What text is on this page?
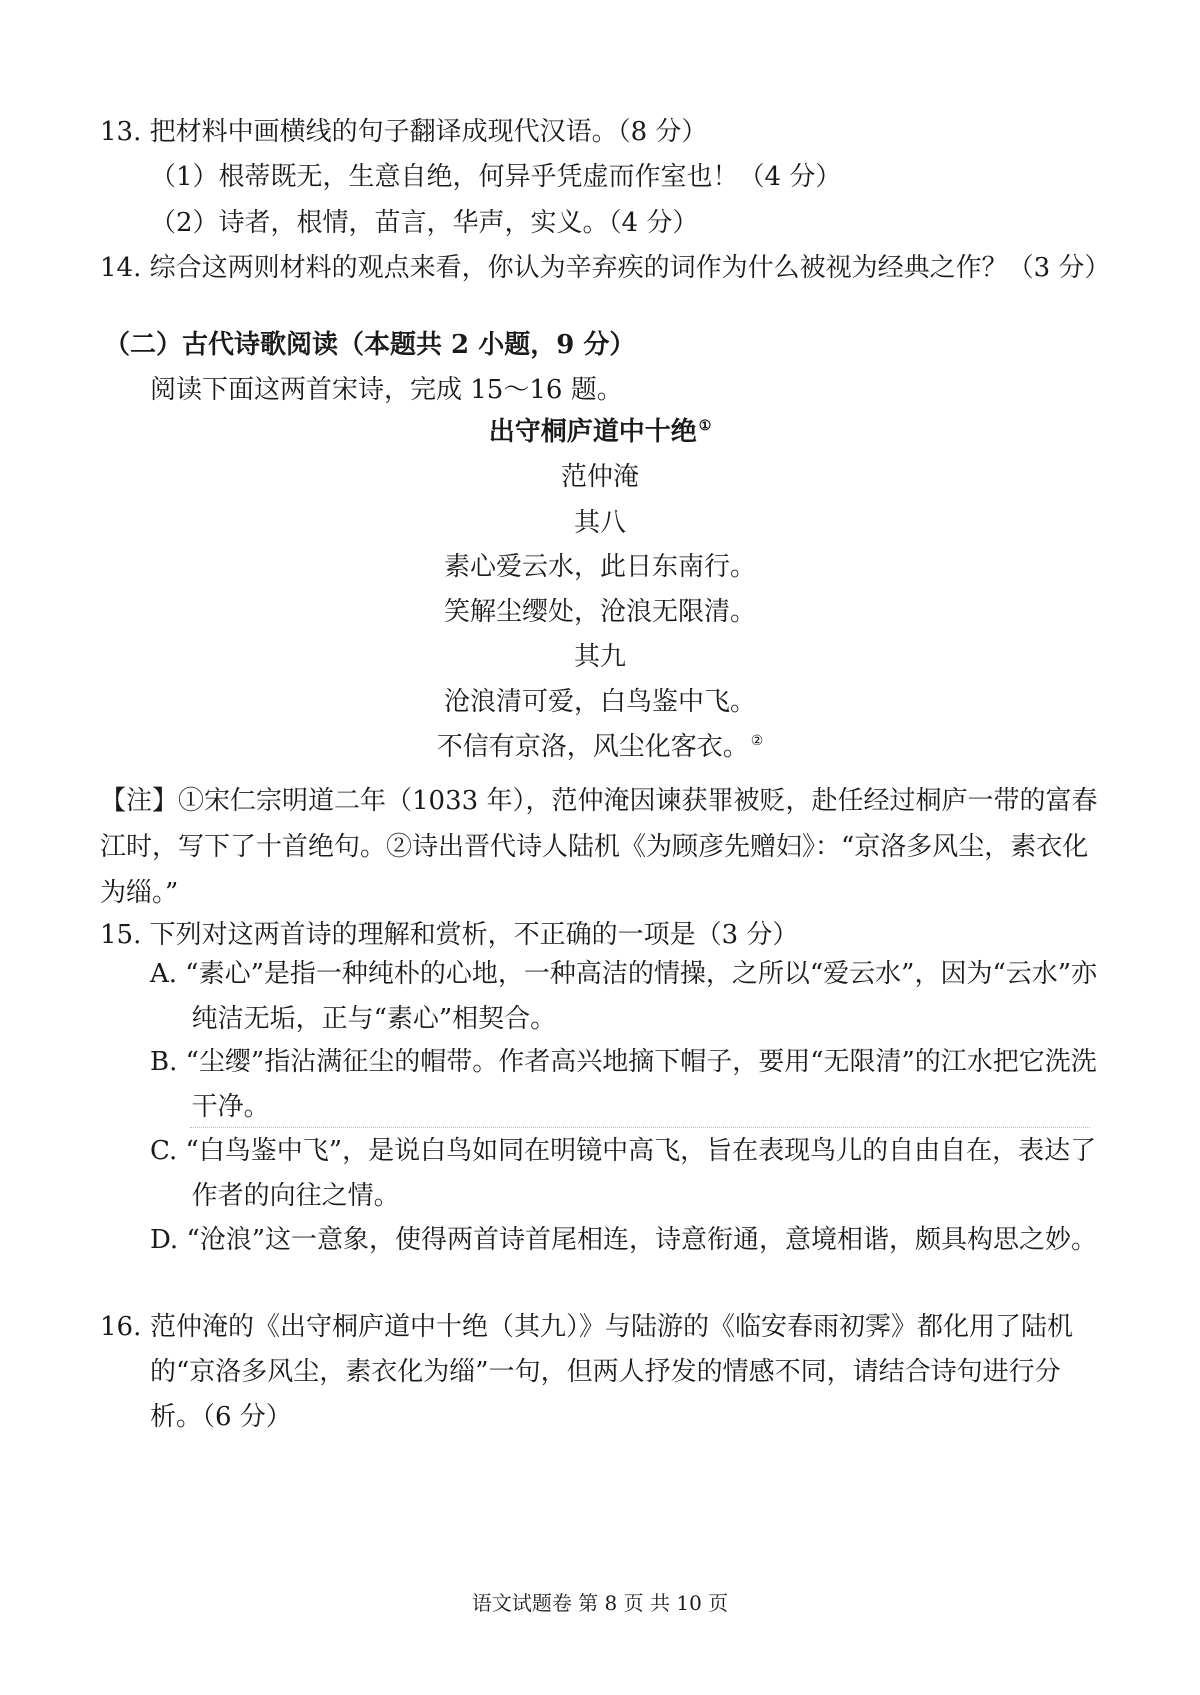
13. 把材料中画横线的句子翻译成现代汉语。（8 分）
（1）根蒂既无，生意自绝，何异乎凭虚而作室也！（4 分）
（2）诗者，根情，苗言，华声，实义。（4 分）
14. 综合这两则材料的观点来看，你认为辛弃疾的词作为什么被视为经典之作？（3 分）
（二）古代诗歌阅读（本题共 2 小题，9 分）
阅读下面这两首宋诗，完成 15～16 题。
出守桐庐道中十绝 ①
范仲淹
其八
素心爱云水，此日东南行。
笑解尘缨处，沧浪无限清。
其九
沧浪清可爱，白鸟鉴中飞。
不信有京洛，风尘化客衣。 ②
【注】①宋仁宗明道二年（1033 年），范仲淹因谏获罪被贬，赴任经过桐庐一带的富春江时，写下了十首绝句。②诗出晋代诗人陆机《为顾彦先赠妇》：“京洛多风尘，素衣化为缁。”
15. 下列对这两首诗的理解和赏析，不正确的一项是（3 分）
A. “素心”是指一种纯朴的心地，一种高洁的情操，之所以“爱云水”，因为“云水”亦纯洁无垢，正与“素心”相契合。
B. “尘缨”指沾满征尘的帽带。作者高兴地摘下帽子，要用“无限清”的江水把它洗洗干净。
C. “白鸟鉴中飞”，是说白鸟如同在明镜中高飞，旨在表现鸟儿的自由自在，表达了作者的向往之情。
D. “沧浪”这一意象，使得两首诗首尾相连，诗意衔通，意境相谐，颇具构思之妙。
16. 范仲淹的《出守桐庐道中十绝（其九）》与陆游的《临安春雨初霁》都化用了陆机的“京洛多风尘，素衣化为缁”一句，但两人抒发的情感不同，请结合诗句进行分析。（6 分）
语文试题卷 第 8 页 共 10 页
